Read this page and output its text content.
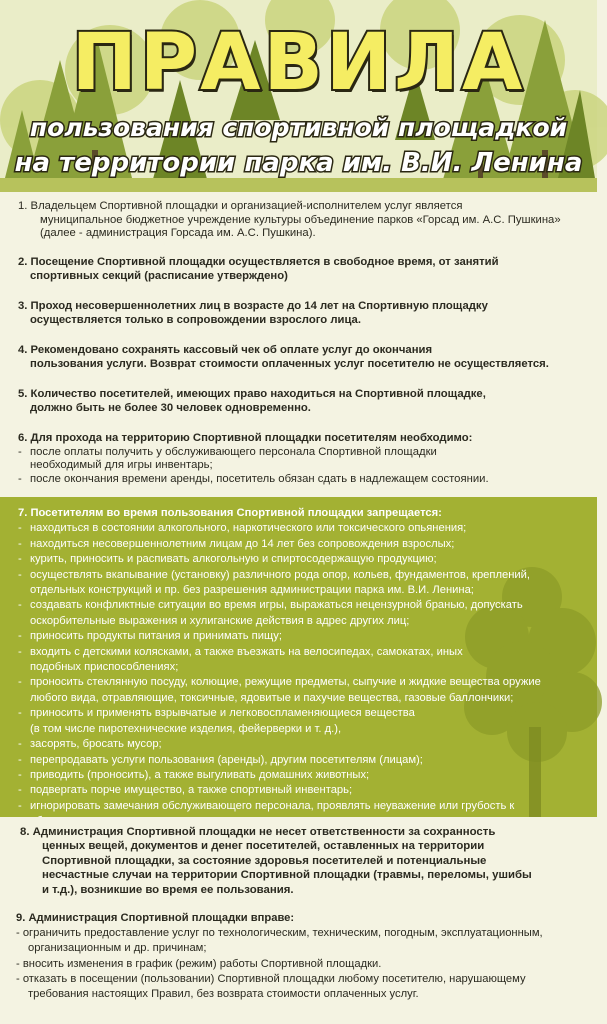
ПРАВИЛА
пользования спортивной площадкой
на территории парка им. В.И. Ленина
1. Владельцем Спортивной площадки и организацией-исполнителем услуг является
муниципальное бюджетное учреждение культуры объединение парков «Горсад им. А.С. Пушкина»
(далее - администрация Горсада им. А.С. Пушкина).
2. Посещение Спортивной площадки осуществляется в свободное время, от занятий
спортивных секций (расписание утверждено)
3. Проход несовершеннолетних лиц в возрасте до 14 лет на Спортивную площадку
осуществляется только в сопровождении взрослого лица.
4. Рекомендовано сохранять кассовый чек об оплате услуг до окончания
пользования услуги. Возврат стоимости оплаченных услуг посетителю не осуществляется.
5. Количество посетителей, имеющих право находиться на Спортивной площадке,
должно быть не более 30 человек одновременно.
6. Для прохода на территорию Спортивной площадки посетителям необходимо:
- после оплаты получить у обслуживающего персонала Спортивной площадки
необходимый для игры инвентарь;
- после окончания времени аренды, посетитель обязан сдать в надлежащем состоянии.
7. Посетителям во время пользования Спортивной площадки запрещается:
- находиться в состоянии алкогольного, наркотического или токсического опьянения;
- находиться несовершеннолетним лицам до 14 лет без сопровождения взрослых;
- курить, приносить и распивать алкогольную и спиртосодержащую продукцию;
- осуществлять вкапывание (установку) различного рода опор, кольев, фундаментов, креплений,
отдельных конструкций и пр. без разрешения администрации парка им. В.И. Ленина;
- создавать конфликтные ситуации во время игры, выражаться нецензурной бранью, допускать
оскорбительные выражения и хулиганские действия в адрес других лиц;
- приносить продукты питания и принимать пищу;
- входить с детскими колясками, а также въезжать на велосипедах, самокатах, иных
подобных приспособлениях;
- проносить стеклянную посуду, колющие, режущие предметы, сыпучие и жидкие вещества оружие
любого вида, отравляющие, токсичные, ядовитые и пахучие вещества, газовые баллончики;
- приносить и применять взрывчатые и легковоспламеняющиеся вещества
(в том числе пиротехнические изделия, фейерверки и т. д.),
- засорять, бросать мусор;
- перепродавать услуги пользования (аренды), другим посетителям (лицам);
- приводить (проносить), а также выгуливать домашних животных;
- подвергать порче имущество, а также спортивный инвентарь;
- игнорировать замечания обслуживающего персонала, проявлять неуважение или грубость к

8. Администрация Спортивной площадки не несет ответственности за сохранность
ценных вещей, документов и денег посетителей, оставленных на территории
Спортивной площадки, за состояние здоровья посетителей и потенциальные
несчастные случаи на территории Спортивной площадки (травмы, переломы, ушибы
и т.д.), возникшие во время ее пользования.
9. Администрация Спортивной площадки вправе:
- ограничить предоставление услуг по технологическим, техническим, погодным, эксплуатационным,
организационным и др. причинам;
- вносить изменения в график (режим) работы Спортивной площадки.
- отказать в посещении (пользовании) Спортивной площадки любому посетителю, нарушающему
требования настоящих Правил, без возврата стоимости оплаченных услуг.
